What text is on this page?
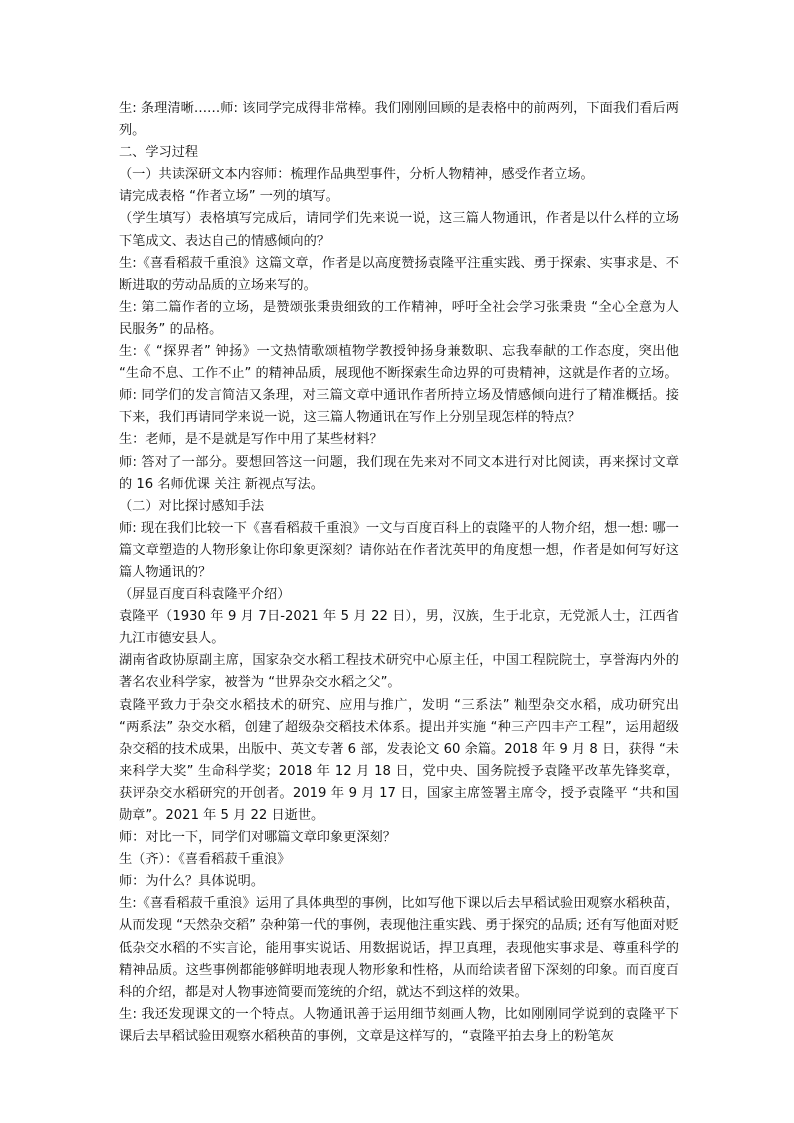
生: 条理清晰……师: 该同学完成得非常棒。我们刚刚回顾的是表格中的前两列，下面我们看后两列。

二、学习过程

（一）共读深研文本内容师：梳理作品典型事件，分析人物精神，感受作者立场。

请完成表格 “作者立场” 一列的填写。

（学生填写）表格填写完成后，请同学们先来说一说，这三篇人物通讯，作者是以什么样的立场下笔成文、表达自己的情感倾向的？

生:《喜看稻菽千重浪》这篇文章，作者是以高度赞扬袁隆平注重实践、勇于探索、实事求是、不断进取的劳动品质的立场来写的。

生: 第二篇作者的立场，是赞颂张秉贵细致的工作精神，呼吁全社会学习张秉贵 “全心全意为人民服务” 的品格。

生:《 “探界者” 钟扬》一文热情歌颂植物学教授钟扬身兼数职、忘我奉献的工作态度，突出他 “生命不息、工作不止” 的精神品质，展现他不断探索生命边界的可贵精神，这就是作者的立场。

师: 同学们的发言简洁又条理，对三篇文章中通讯作者所持立场及情感倾向进行了精准概括。接下来，我们再请同学来说一说，这三篇人物通讯在写作上分别呈现怎样的特点？

生：老师，是不是就是写作中用了某些材料？

师: 答对了一部分。要想回答这一问题，我们现在先来对不同文本进行对比阅读，再来探讨文章的 16 名师优课 关注 新视点写法。

（二）对比探讨感知手法

师: 现在我们比较一下《喜看稻菽千重浪》一文与百度百科上的袁隆平的人物介绍，想一想: 哪一篇文章塑造的人物形象让你印象更深刻？请你站在作者沈英甲的角度想一想，作者是如何写好这篇人物通讯的？

（屏显百度百科袁隆平介绍）

袁隆平（1930 年 9 月 7日-2021 年 5 月 22 日），男，汉族，生于北京，无党派人士，江西省九江市德安县人。

湖南省政协原副主席，国家杂交水稻工程技术研究中心原主任，中国工程院院士，享誉海内外的著名农业科学家，被誉为 “世界杂交水稻之父”。

袁隆平致力于杂交水稻技术的研究、应用与推广，发明 “三系法” 籼型杂交水稻，成功研究出 “两系法” 杂交水稻，创建了超级杂交稻技术体系。提出并实施 “种三产四丰产工程”，运用超级杂交稻的技术成果，出版中、英文专著 6 部，发表论文 60 余篇。2018 年 9 月 8 日，获得 “未来科学大奖” 生命科学奖；2018 年 12 月 18 日，党中央、国务院授予袁隆平改革先锋奖章，获评杂交水稻研究的开创者。2019 年 9 月 17 日，国家主席签署主席令，授予袁隆平 “共和国勋章”。2021 年 5 月 22 日逝世。

师：对比一下，同学们对哪篇文章印象更深刻？

生（齐）：《喜看稻菽千重浪》

师：为什么？具体说明。

生:《喜看稻菽千重浪》运用了具体典型的事例，比如写他下课以后去早稻试验田观察水稻秧苗，从而发现 “天然杂交稻” 杂种第一代的事例，表现他注重实践、勇于探究的品质; 还有写他面对贬低杂交水稻的不实言论，能用事实说话、用数据说话，捍卫真理，表现他实事求是、尊重科学的精神品质。这些事例都能够鲜明地表现人物形象和性格，从而给读者留下深刻的印象。而百度百科的介绍，都是对人物事迹简要而笼统的介绍，就达不到这样的效果。

生: 我还发现课文的一个特点。人物通讯善于运用细节刻画人物，比如刚刚同学说到的袁隆平下课后去早稻试验田观察水稻秧苗的事例，文章是这样写的，“袁隆平拍去身上的粉笔灰
